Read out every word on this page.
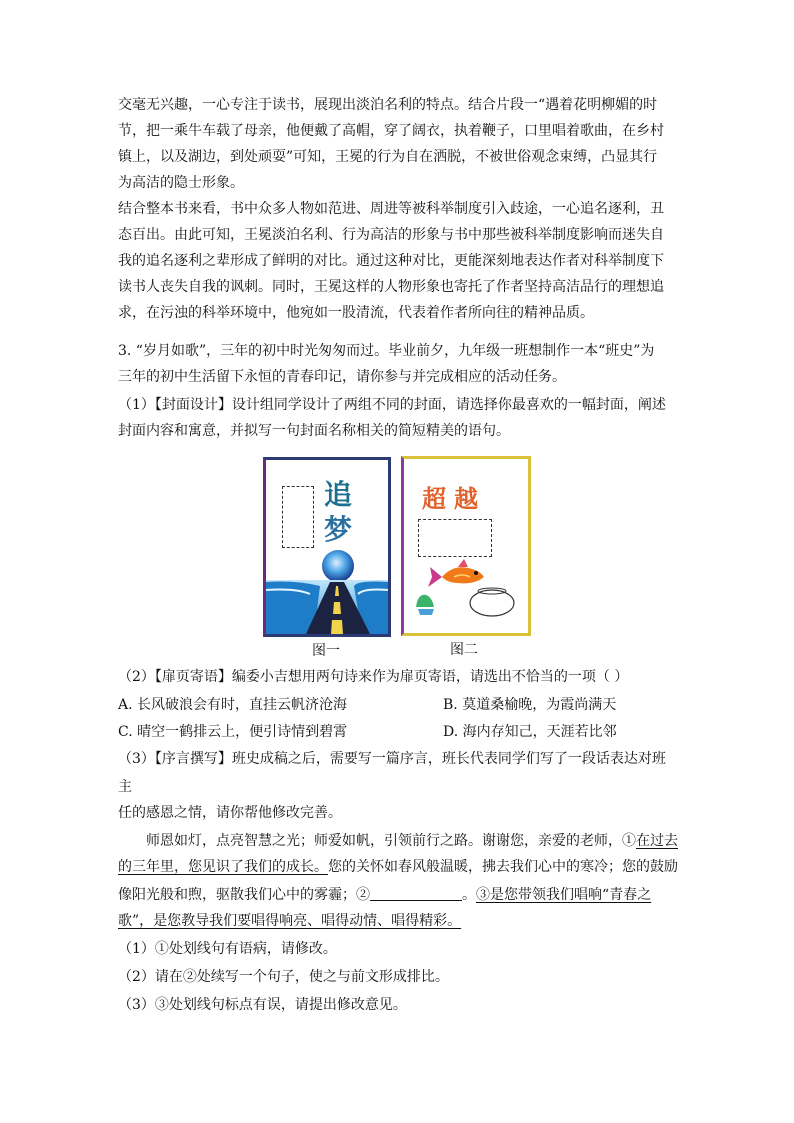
交毫无兴趣，一心专注于读书，展现出淡泊名利的特点。结合片段一“遇着花明柳媚的时
节，把一乘牛车载了母亲，他便戴了高帽，穿了阔衣，执着鞭子，口里唱着歌曲，在乡村
镇上，以及湖边，到处顽耍”可知，王冕的行为自在洒脱，不被世俗观念束缚，凸显其行
为高洁的隐士形象。
结合整本书来看，书中众多人物如范进、周进等被科举制度引入歧途，一心追名逐利，丑
态百出。由此可知，王冕淡泊名利、行为高洁的形象与书中那些被科举制度影响而迷失自
我的追名逐利之辈形成了鲜明的对比。通过这种对比，更能深刻地表达作者对科举制度下
读书人丧失自我的讽刺。同时，王冕这样的人物形象也寄托了作者坚持高洁品行的理想追
求，在污浊的科举环境中，他宛如一股清流，代表着作者所向往的精神品质。
3. “岁月如歌”，三年的初中时光匆匆而过。毕业前夕，九年级一班想制作一本“班史”为
三年的初中生活留下永恒的青春印记，请你参与并完成相应的活动任务。
（1）【封面设计】设计组同学设计了两组不同的封面，请选择你最喜欢的一幅封面，阐述
封面内容和寓意，并拟写一句封面名称相关的简短精美的语句。
追
梦
超越
图一	图二
（2）【扉页寄语】编委小吉想用两句诗来作为扉页寄语，请选出不恰当的一项（ ）
A. 长风破浪会有时，直挂云帆济沧海	B. 莫道桑榆晚，为霞尚满天
C. 晴空一鹤排云上，便引诗情到碧霄	D. 海内存知己，天涯若比邻
（3）【序言撰写】班史成稿之后，需要写一篇序言，班长代表同学们写了一段话表达对班
主
任的感恩之情，请你帮他修改完善。
师恩如灯，点亮智慧之光；师爱如帆，引领前行之路。谢谢您，亲爱的老师，①在过去
的三年里，您见识了我们的成长。您的关怀如春风般温暖，拂去我们心中的寒冷；您的鼓励
像阳光般和煦，驱散我们心中的雾霾；②	。③是您带领我们唱响“青春之
歌”，是您教导我们要唱得响亮、唱得动情、唱得精彩。
（1）①处划线句有语病，请修改。
（2）请在②处续写一个句子，使之与前文形成排比。
（3）③处划线句标点有误，请提出修改意见。
